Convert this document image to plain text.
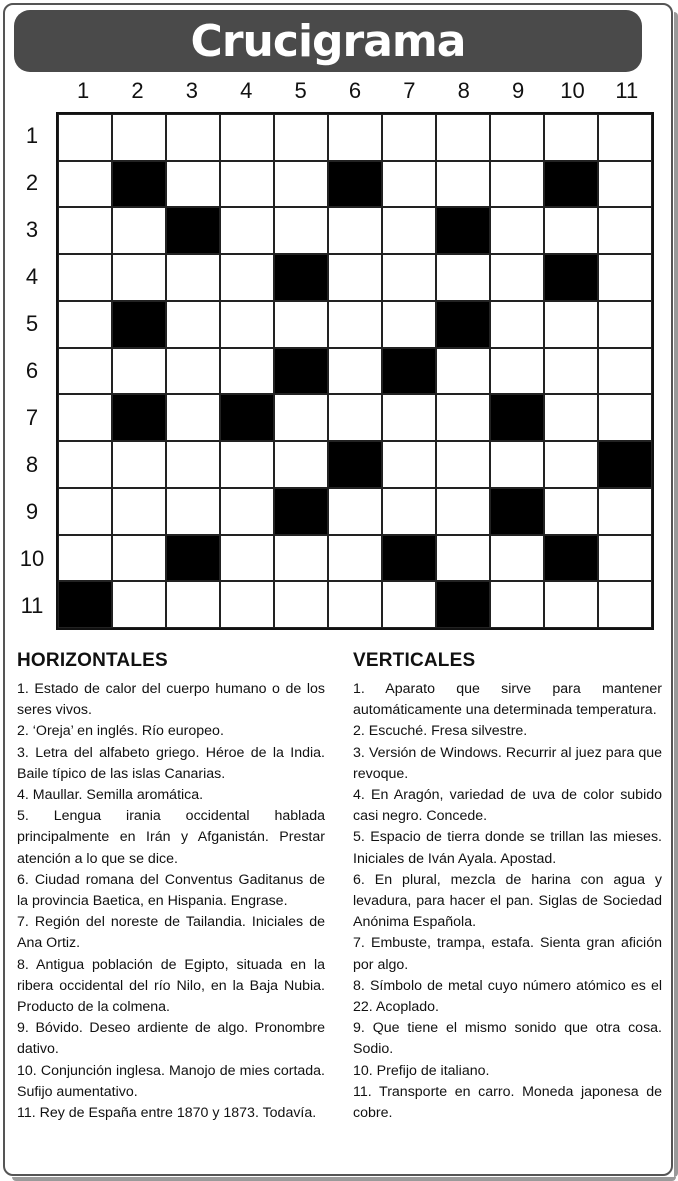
Crucigrama
1	2	3	4	5	6	7	8	9	10	11
1
2
3
4
5
6
7
8
9
10
11
HORIZONTALES
1. Estado de calor del cuerpo humano o de los seres vivos.
2. ‘Oreja’ en inglés. Río europeo.
3. Letra del alfabeto griego. Héroe de la India. Baile típico de las islas Canarias.
4. Maullar. Semilla aromática.
5. Lengua irania occidental hablada principalmente en Irán y Afganistán. Prestar atención a lo que se dice.
6. Ciudad romana del Conventus Gaditanus de la provincia Baetica, en Hispania. Engrase.
7. Región del noreste de Tailandia. Iniciales de Ana Ortiz.
8. Antigua población de Egipto, situada en la ribera occidental del río Nilo, en la Baja Nubia. Producto de la colmena.
9. Bóvido. Deseo ardiente de algo. Pronombre dativo.
10. Conjunción inglesa. Manojo de mies cortada. Sufijo aumentativo.
11. Rey de España entre 1870 y 1873. Todavía.
VERTICALES
1. Aparato que sirve para mantener automáticamente una determinada temperatura.
2. Escuché. Fresa silvestre.
3. Versión de Windows. Recurrir al juez para que revoque.
4. En Aragón, variedad de uva de color subido casi negro. Concede.
5. Espacio de tierra donde se trillan las mieses. Iniciales de Iván Ayala. Apostad.
6. En plural, mezcla de harina con agua y levadura, para hacer el pan. Siglas de Sociedad Anónima Española.
7. Embuste, trampa, estafa. Sienta gran afición por algo.
8. Símbolo de metal cuyo número atómico es el 22. Acoplado.
9. Que tiene el mismo sonido que otra cosa. Sodio.
10. Prefijo de italiano.
11. Transporte en carro. Moneda japonesa de cobre.
